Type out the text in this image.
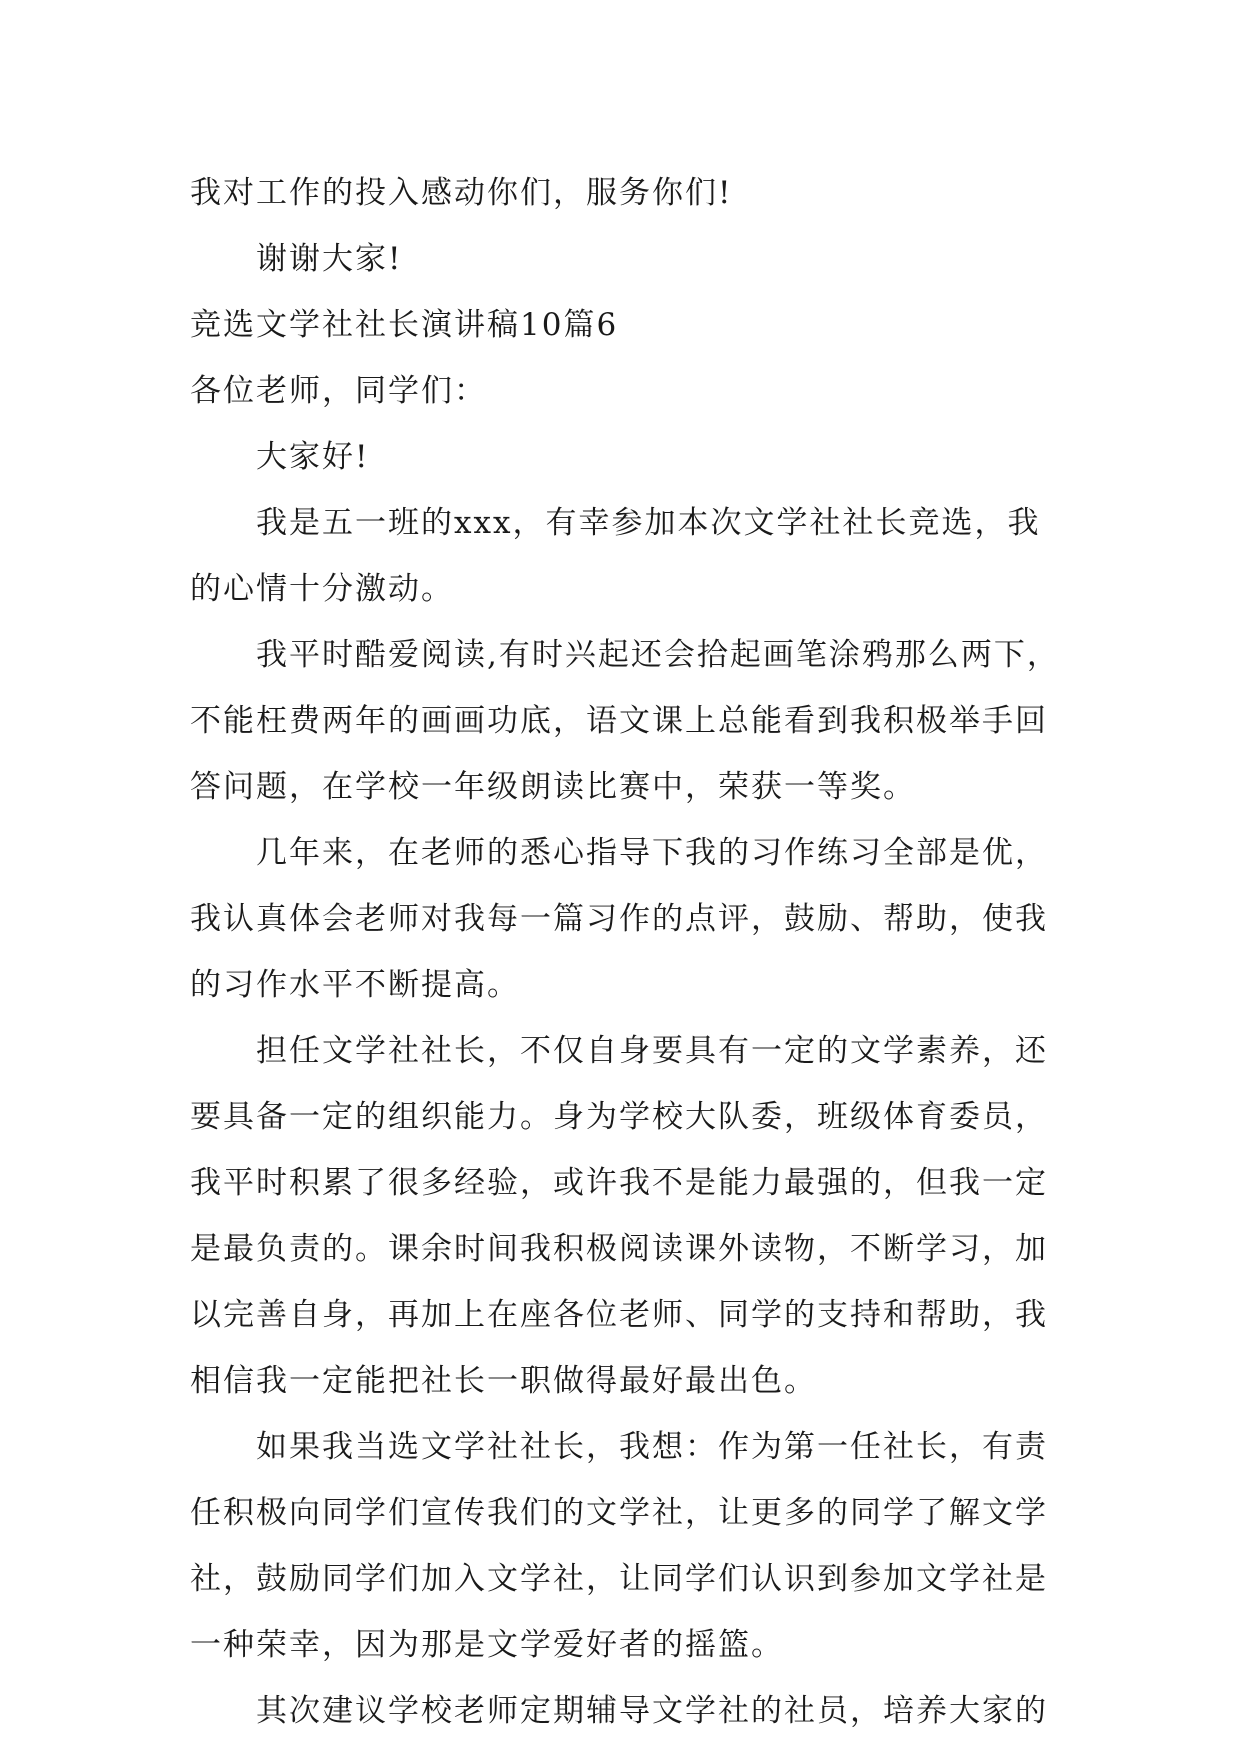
我对工作的投入感动你们，服务你们!
谢谢大家!
竞选文学社社长演讲稿10篇6
各位老师，同学们：
大家好!
我是五一班的xxx，有幸参加本次文学社社长竞选，我
的心情十分激动。
我平时酷爱阅读,有时兴起还会拾起画笔涂鸦那么两下，
不能枉费两年的画画功底，语文课上总能看到我积极举手回
答问题，在学校一年级朗读比赛中，荣获一等奖。
几年来，在老师的悉心指导下我的习作练习全部是优，
我认真体会老师对我每一篇习作的点评，鼓励、帮助，使我
的习作水平不断提高。
担任文学社社长，不仅自身要具有一定的文学素养，还
要具备一定的组织能力。身为学校大队委，班级体育委员，
我平时积累了很多经验，或许我不是能力最强的，但我一定
是最负责的。课余时间我积极阅读课外读物，不断学习，加
以完善自身，再加上在座各位老师、同学的支持和帮助，我
相信我一定能把社长一职做得最好最出色。
如果我当选文学社社长，我想：作为第一任社长，有责
任积极向同学们宣传我们的文学社，让更多的同学了解文学
社，鼓励同学们加入文学社，让同学们认识到参加文学社是
一种荣幸，因为那是文学爱好者的摇篮。
其次建议学校老师定期辅导文学社的社员，培养大家的
